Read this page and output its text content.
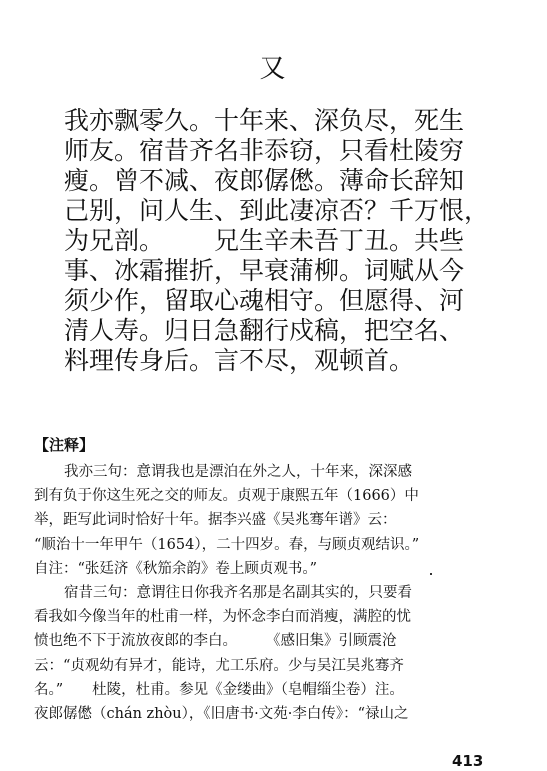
又
我亦飘零久。十年来、深负尽，死生
师友。宿昔齐名非忝窃，只看杜陵穷
瘦。曾不减、夜郎僝僽。薄命长辞知
己别，问人生、到此凄凉否？千万恨，
为兄剖。 兄生辛未吾丁丑。共些
事、冰霜摧折，早衰蒲柳。词赋从今
须少作，留取心魂相守。但愿得、河
清人寿。归日急翻行戍稿，把空名、
料理传身后。言不尽，观顿首。
【注释】
我亦三句：意谓我也是漂泊在外之人，十年来，深深感
到有负于你这生死之交的师友。贞观于康熙五年（1666）中
举，距写此词时恰好十年。据李兴盛《吴兆骞年谱》云：
“顺治十一年甲午（1654），二十四岁。春，与顾贞观结识。”
自注：“张廷济《秋笳余韵》卷上顾贞观书。”
宿昔三句：意谓往日你我齐名那是名副其实的，只要看
看我如今像当年的杜甫一样，为怀念李白而消瘦，满腔的忧
愤也绝不下于流放夜郎的李白。　　　《感旧集》引顾震沧
云：“贞观幼有异才，能诗，尤工乐府。少与吴江吴兆骞齐
名。”　　杜陵，杜甫。参见《金缕曲》（皂帽缁尘卷）注。
夜郎僝僽（chán zhòu），《旧唐书·文苑·李白传》：“禄山之
413
